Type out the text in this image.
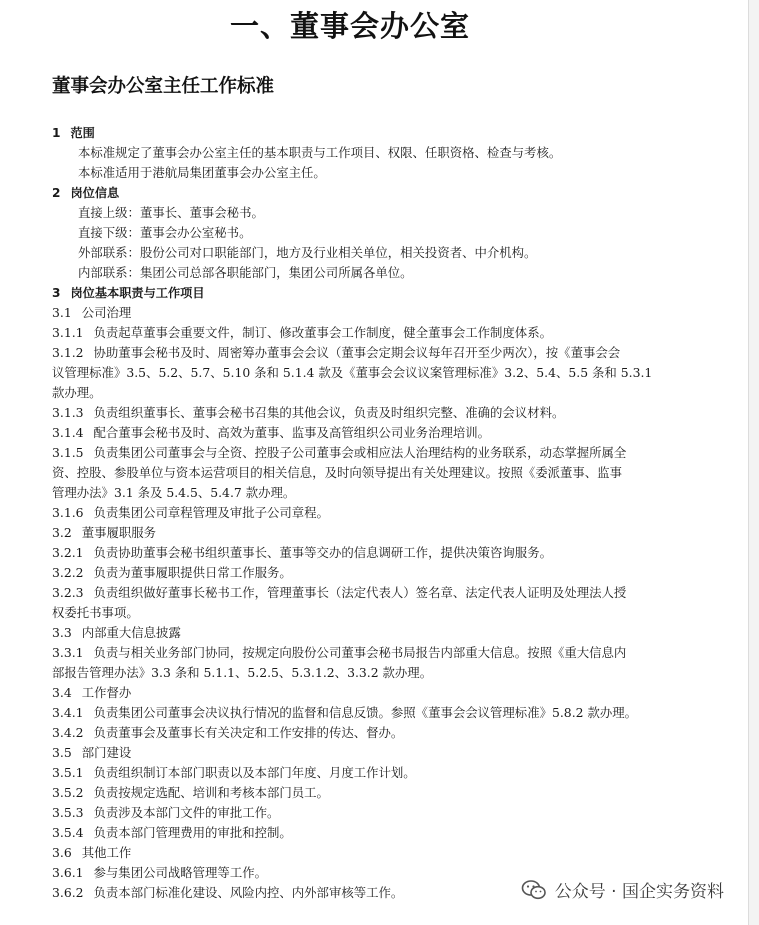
一、董事会办公室
董事会办公室主任工作标准
1 范围
本标准规定了董事会办公室主任的基本职责与工作项目、权限、任职资格、检查与考核。
本标准适用于港航局集团董事会办公室主任。
2 岗位信息
直接上级：董事长、董事会秘书。
直接下级：董事会办公室秘书。
外部联系：股份公司对口职能部门，地方及行业相关单位，相关投资者、中介机构。
内部联系：集团公司总部各职能部门，集团公司所属各单位。
3 岗位基本职责与工作项目
3.1 公司治理
3.1.1 负责起草董事会重要文件，制订、修改董事会工作制度，健全董事会工作制度体系。
3.1.2 协助董事会秘书及时、周密筹办董事会会议（董事会定期会议每年召开至少两次），按《董事会会
议管理标准》3.5、5.2、5.7、5.10 条和 5.1.4 款及《董事会会议议案管理标准》3.2、5.4、5.5 条和 5.3.1
款办理。
3.1.3 负责组织董事长、董事会秘书召集的其他会议，负责及时组织完整、准确的会议材料。
3.1.4 配合董事会秘书及时、高效为董事、监事及高管组织公司业务治理培训。
3.1.5 负责集团公司董事会与全资、控股子公司董事会或相应法人治理结构的业务联系，动态掌握所属全
资、控股、参股单位与资本运营项目的相关信息，及时向领导提出有关处理建议。按照《委派董事、监事
管理办法》3.1 条及 5.4.5、5.4.7 款办理。
3.1.6 负责集团公司章程管理及审批子公司章程。
3.2 董事履职服务
3.2.1 负责协助董事会秘书组织董事长、董事等交办的信息调研工作，提供决策咨询服务。
3.2.2 负责为董事履职提供日常工作服务。
3.2.3 负责组织做好董事长秘书工作，管理董事长（法定代表人）签名章、法定代表人证明及处理法人授
权委托书事项。
3.3 内部重大信息披露
3.3.1 负责与相关业务部门协同，按规定向股份公司董事会秘书局报告内部重大信息。按照《重大信息内
部报告管理办法》3.3 条和 5.1.1、5.2.5、5.3.1.2、3.3.2 款办理。
3.4 工作督办
3.4.1 负责集团公司董事会决议执行情况的监督和信息反馈。参照《董事会会议管理标准》5.8.2 款办理。
3.4.2 负责董事会及董事长有关决定和工作安排的传达、督办。
3.5 部门建设
3.5.1 负责组织制订本部门职责以及本部门年度、月度工作计划。
3.5.2 负责按规定选配、培训和考核本部门员工。
3.5.3 负责涉及本部门文件的审批工作。
3.5.4 负责本部门管理费用的审批和控制。
3.6 其他工作
3.6.1 参与集团公司战略管理等工作。
3.6.2 负责本部门标准化建设、风险内控、内外部审核等工作。	公众号 · 国企实务资料
